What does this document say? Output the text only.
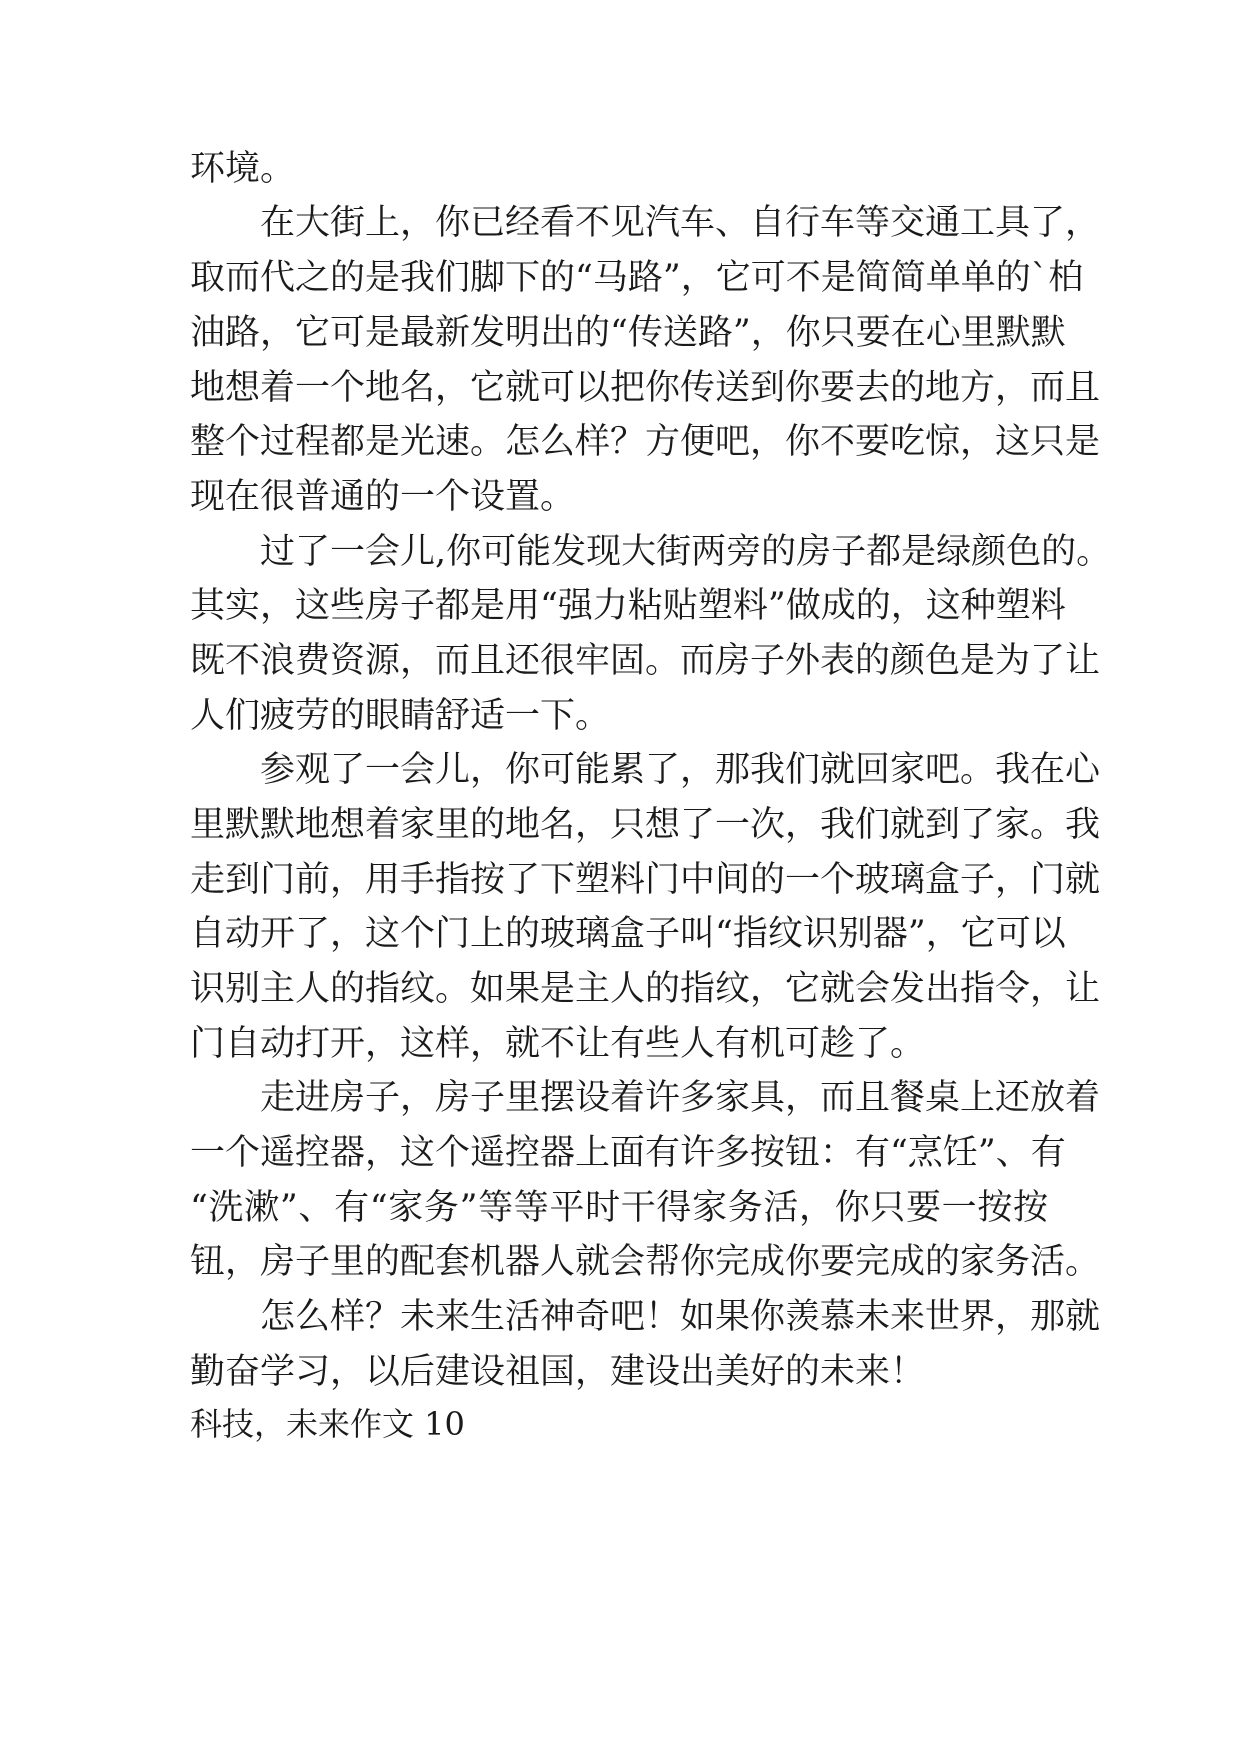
环境。

在大街上，你已经看不见汽车、自行车等交通工具了，

取而代之的是我们脚下的“马路”，它可不是简简单单的`柏

油路，它可是最新发明出的“传送路”，你只要在心里默默

地想着一个地名，它就可以把你传送到你要去的地方，而且

整个过程都是光速。怎么样？方便吧，你不要吃惊，这只是

现在很普通的一个设置。

过了一会儿,你可能发现大街两旁的房子都是绿颜色的。

其实，这些房子都是用“强力粘贴塑料”做成的，这种塑料

既不浪费资源，而且还很牢固。而房子外表的颜色是为了让

人们疲劳的眼睛舒适一下。

参观了一会儿，你可能累了，那我们就回家吧。我在心

里默默地想着家里的地名，只想了一次，我们就到了家。我

走到门前，用手指按了下塑料门中间的一个玻璃盒子，门就

自动开了，这个门上的玻璃盒子叫“指纹识别器”，它可以

识别主人的指纹。如果是主人的指纹，它就会发出指令，让

门自动打开，这样，就不让有些人有机可趁了。

走进房子，房子里摆设着许多家具，而且餐桌上还放着

一个遥控器，这个遥控器上面有许多按钮：有“烹饪”、有

“洗漱”、有“家务”等等平时干得家务活，你只要一按按

钮，房子里的配套机器人就会帮你完成你要完成的家务活。

怎么样？未来生活神奇吧！如果你羡慕未来世界，那就

勤奋学习，以后建设祖国，建设出美好的未来！

科技，未来作文 10
